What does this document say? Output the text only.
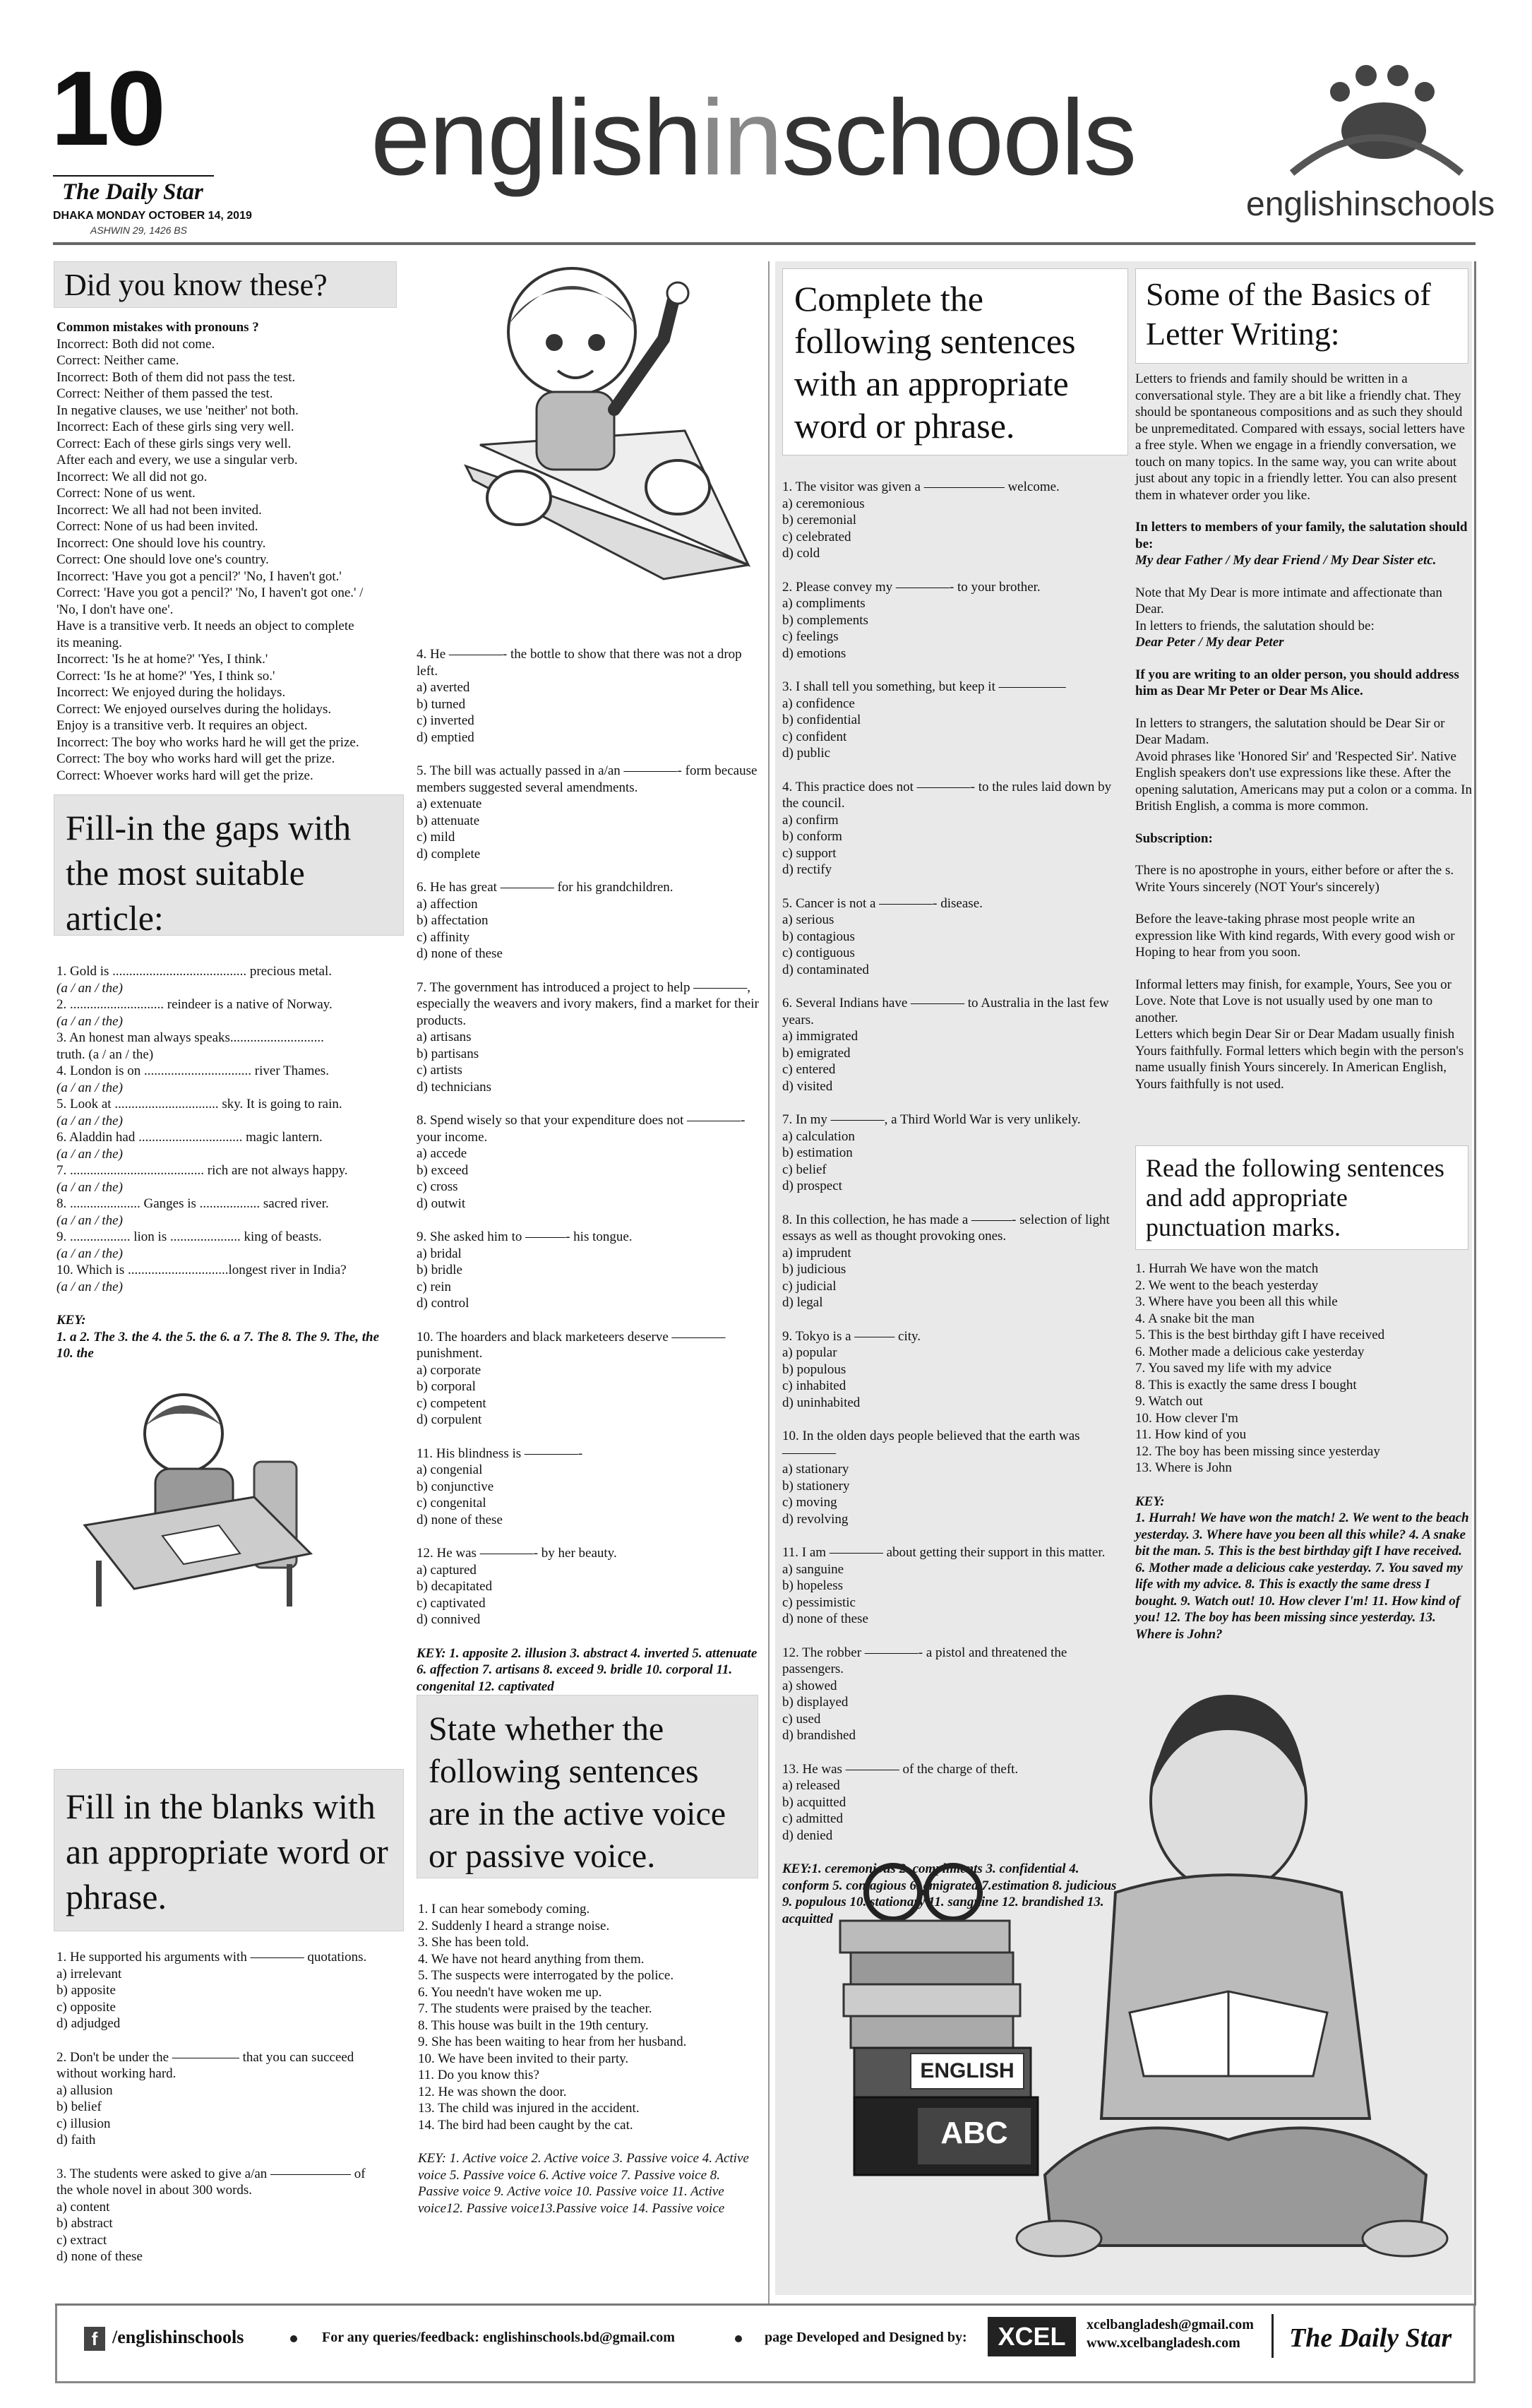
10
The Daily Star
DHAKA MONDAY OCTOBER 14, 2019
ASHWIN 29, 1426 BS
englishinschools
englishinschools
Did you know these?
Common mistakes with pronouns ?
Incorrect: Both did not come.
Correct: Neither came.
Incorrect: Both of them did not pass the test.
Correct: Neither of them passed the test.
In negative clauses, we use 'neither' not both.
Incorrect: Each of these girls sing very well.
Correct: Each of these girls sings very well.
After each and every, we use a singular verb.
Incorrect: We all did not go.
Correct: None of us went.
Incorrect: We all had not been invited.
Correct: None of us had been invited.
Incorrect: One should love his country.
Correct: One should love one's country.
Incorrect: 'Have you got a pencil?' 'No, I haven't got.'
Correct: 'Have you got a pencil?' 'No, I haven't got one.' /
'No, I don't have one'.
Have is a transitive verb. It needs an object to complete
its meaning.
Incorrect: 'Is he at home?' 'Yes, I think.'
Correct: 'Is he at home?' 'Yes, I think so.'
Incorrect: We enjoyed during the holidays.
Correct: We enjoyed ourselves during the holidays.
Enjoy is a transitive verb. It requires an object.
Incorrect: The boy who works hard he will get the prize.
Correct: The boy who works hard will get the prize.
Correct: Whoever works hard will get the prize.
Fill-in the gaps with the most suitable article:
1. Gold is ........................................ precious metal.
(a / an / the)
2. ............................ reindeer is a native of Norway.
(a / an / the)
3. An honest man always speaks............................
truth. (a / an / the)
4. London is on ................................ river Thames.
(a / an / the)
5. Look at ............................... sky. It is going to rain.
(a / an / the)
6. Aladdin had ............................... magic lantern.
(a / an / the)
7. ........................................ rich are not always happy.
(a / an / the)
8. ..................... Ganges is .................. sacred river.
(a / an / the)
9. .................. lion is ..................... king of beasts.
(a / an / the)
10. Which is ..............................longest river in India?
(a / an / the)
KEY:
1. a 2. The 3. the 4. the 5. the 6. a 7. The 8. The 9. The, the 10. the
Fill in the blanks with an appropriate word or phrase.
1. He supported his arguments with ———— quotations.
a) irrelevant
b) apposite
c) opposite
d) adjudged
2. Don't be under the ————— that you can succeed without working hard.
a) allusion
b) belief
c) illusion
d) faith
3. The students were asked to give a/an —————— of the whole novel in about 300 words.
a) content
b) abstract
c) extract
d) none of these
4. He ————- the bottle to show that there was not a drop left.
a) averted
b) turned
c) inverted
d) emptied
5. The bill was actually passed in a/an ————- form because members suggested several amendments.
a) extenuate
b) attenuate
c) mild
d) complete
6. He has great ———— for his grandchildren.
a) affection
b) affectation
c) affinity
d) none of these
7. The government has introduced a project to help ————, especially the weavers and ivory makers, find a market for their products.
a) artisans
b) partisans
c) artists
d) technicians
8. Spend wisely so that your expenditure does not ————- your income.
a) accede
b) exceed
c) cross
d) outwit
9. She asked him to ———- his tongue.
a) bridal
b) bridle
c) rein
d) control
10. The hoarders and black marketeers deserve ———— punishment.
a) corporate
b) corporal
c) competent
d) corpulent
11. His blindness is ————-
a) congenial
b) conjunctive
c) congenital
d) none of these
12. He was ————- by her beauty.
a) captured
b) decapitated
c) captivated
d) connived
KEY: 1. apposite 2. illusion 3. abstract 4. inverted 5. attenuate 6. affection 7. artisans 8. exceed 9. bridle 10. corporal 11. congenital 12. captivated
State whether the following sentences are in the active voice or passive voice.
1. I can hear somebody coming.
2. Suddenly I heard a strange noise.
3. She has been told.
4. We have not heard anything from them.
5. The suspects were interrogated by the police.
6. You needn't have woken me up.
7. The students were praised by the teacher.
8. This house was built in the 19th century.
9. She has been waiting to hear from her husband.
10. We have been invited to their party.
11. Do you know this?
12. He was shown the door.
13. The child was injured in the accident.
14. The bird had been caught by the cat.
KEY: 1. Active voice 2. Active voice 3. Passive voice 4. Active voice 5. Passive voice 6. Active voice 7. Passive voice 8. Passive voice 9. Active voice 10. Passive voice 11. Active voice12. Passive voice13.Passive voice 14. Passive voice
Complete the following sentences with an appropriate word or phrase.
1. The visitor was given a —————— welcome.
a) ceremonious
b) ceremonial
c) celebrated
d) cold
2. Please convey my ————- to your brother.
a) compliments
b) complements
c) feelings
d) emotions
3. I shall tell you something, but keep it —————
a) confidence
b) confidential
c) confident
d) public
4. This practice does not ————- to the rules laid down by the council.
a) confirm
b) conform
c) support
d) rectify
5. Cancer is not a ————- disease.
a) serious
b) contagious
c) contiguous
d) contaminated
6. Several Indians have ———— to Australia in the last few years.
a) immigrated
b) emigrated
c) entered
d) visited
7. In my ————, a Third World War is very unlikely.
a) calculation
b) estimation
c) belief
d) prospect
8. In this collection, he has made a ———- selection of light essays as well as thought provoking ones.
a) imprudent
b) judicious
c) judicial
d) legal
9. Tokyo is a ——— city.
a) popular
b) populous
c) inhabited
d) uninhabited
10. In the olden days people believed that the earth was ————
a) stationary
b) stationery
c) moving
d) revolving
11. I am ———— about getting their support in this matter.
a) sanguine
b) hopeless
c) pessimistic
d) none of these
12. The robber ————- a pistol and threatened the passengers.
a) showed
b) displayed
c) used
d) brandished
13. He was ———— of the charge of theft.
a) released
b) acquitted
c) admitted
d) denied
KEY:1. ceremonious 2. compliments 3. confidential 4. conform 5. contagious 6. emigrated 7.estimation 8. judicious 9. populous 10. stationary 11. sanguine 12. brandished 13. acquitted
Some of the Basics of Letter Writing:
Letters to friends and family should be written in a conversational style. They are a bit like a friendly chat. They should be spontaneous compositions and as such they should be unpremeditated. Compared with essays, social letters have a free style. When we engage in a friendly conversation, we touch on many topics. In the same way, you can write about just about any topic in a friendly letter. You can also present them in whatever order you like.
In letters to members of your family, the salutation should be:
My dear Father / My dear Friend / My Dear Sister etc.
Note that My Dear is more intimate and affectionate than Dear.
In letters to friends, the salutation should be:
Dear Peter / My dear Peter
If you are writing to an older person, you should address him as Dear Mr Peter or Dear Ms Alice.
In letters to strangers, the salutation should be Dear Sir or Dear Madam.
Avoid phrases like 'Honored Sir' and 'Respected Sir'. Native English speakers don't use expressions like these. After the opening salutation, Americans may put a colon or a comma. In British English, a comma is more common.
Subscription:
There is no apostrophe in yours, either before or after the s. Write Yours sincerely (NOT Your's sincerely)
Before the leave-taking phrase most people write an expression like With kind regards, With every good wish or Hoping to hear from you soon.
Informal letters may finish, for example, Yours, See you or Love. Note that Love is not usually used by one man to another.
Letters which begin Dear Sir or Dear Madam usually finish Yours faithfully. Formal letters which begin with the person's name usually finish Yours sincerely. In American English, Yours faithfully is not used.
Read the following sentences and add appropriate punctuation marks.
1. Hurrah We have won the match
2. We went to the beach yesterday
3. Where have you been all this while
4. A snake bit the man
5. This is the best birthday gift I have received
6. Mother made a delicious cake yesterday
7. You saved my life with my advice
8. This is exactly the same dress I bought
9. Watch out
10. How clever I'm
11. How kind of you
12. The boy has been missing since yesterday
13. Where is John
KEY:
1. Hurrah! We have won the match! 2. We went to the beach yesterday. 3. Where have you been all this while? 4. A snake bit the man. 5. This is the best birthday gift I have received. 6. Mother made a delicious cake yesterday. 7. You saved my life with my advice. 8. This is exactly the same dress I bought. 9. Watch out! 10. How clever I'm! 11. How kind of you! 12. The boy has been missing since yesterday. 13. Where is John?
ENGLISH
ABC
f /englishinschools	For any queries/feedback: englishinschools.bd@gmail.com	page Developed and Designed by:	XCEL	xcelbangladesh@gmail.com
www.xcelbangladesh.com The Daily Star
